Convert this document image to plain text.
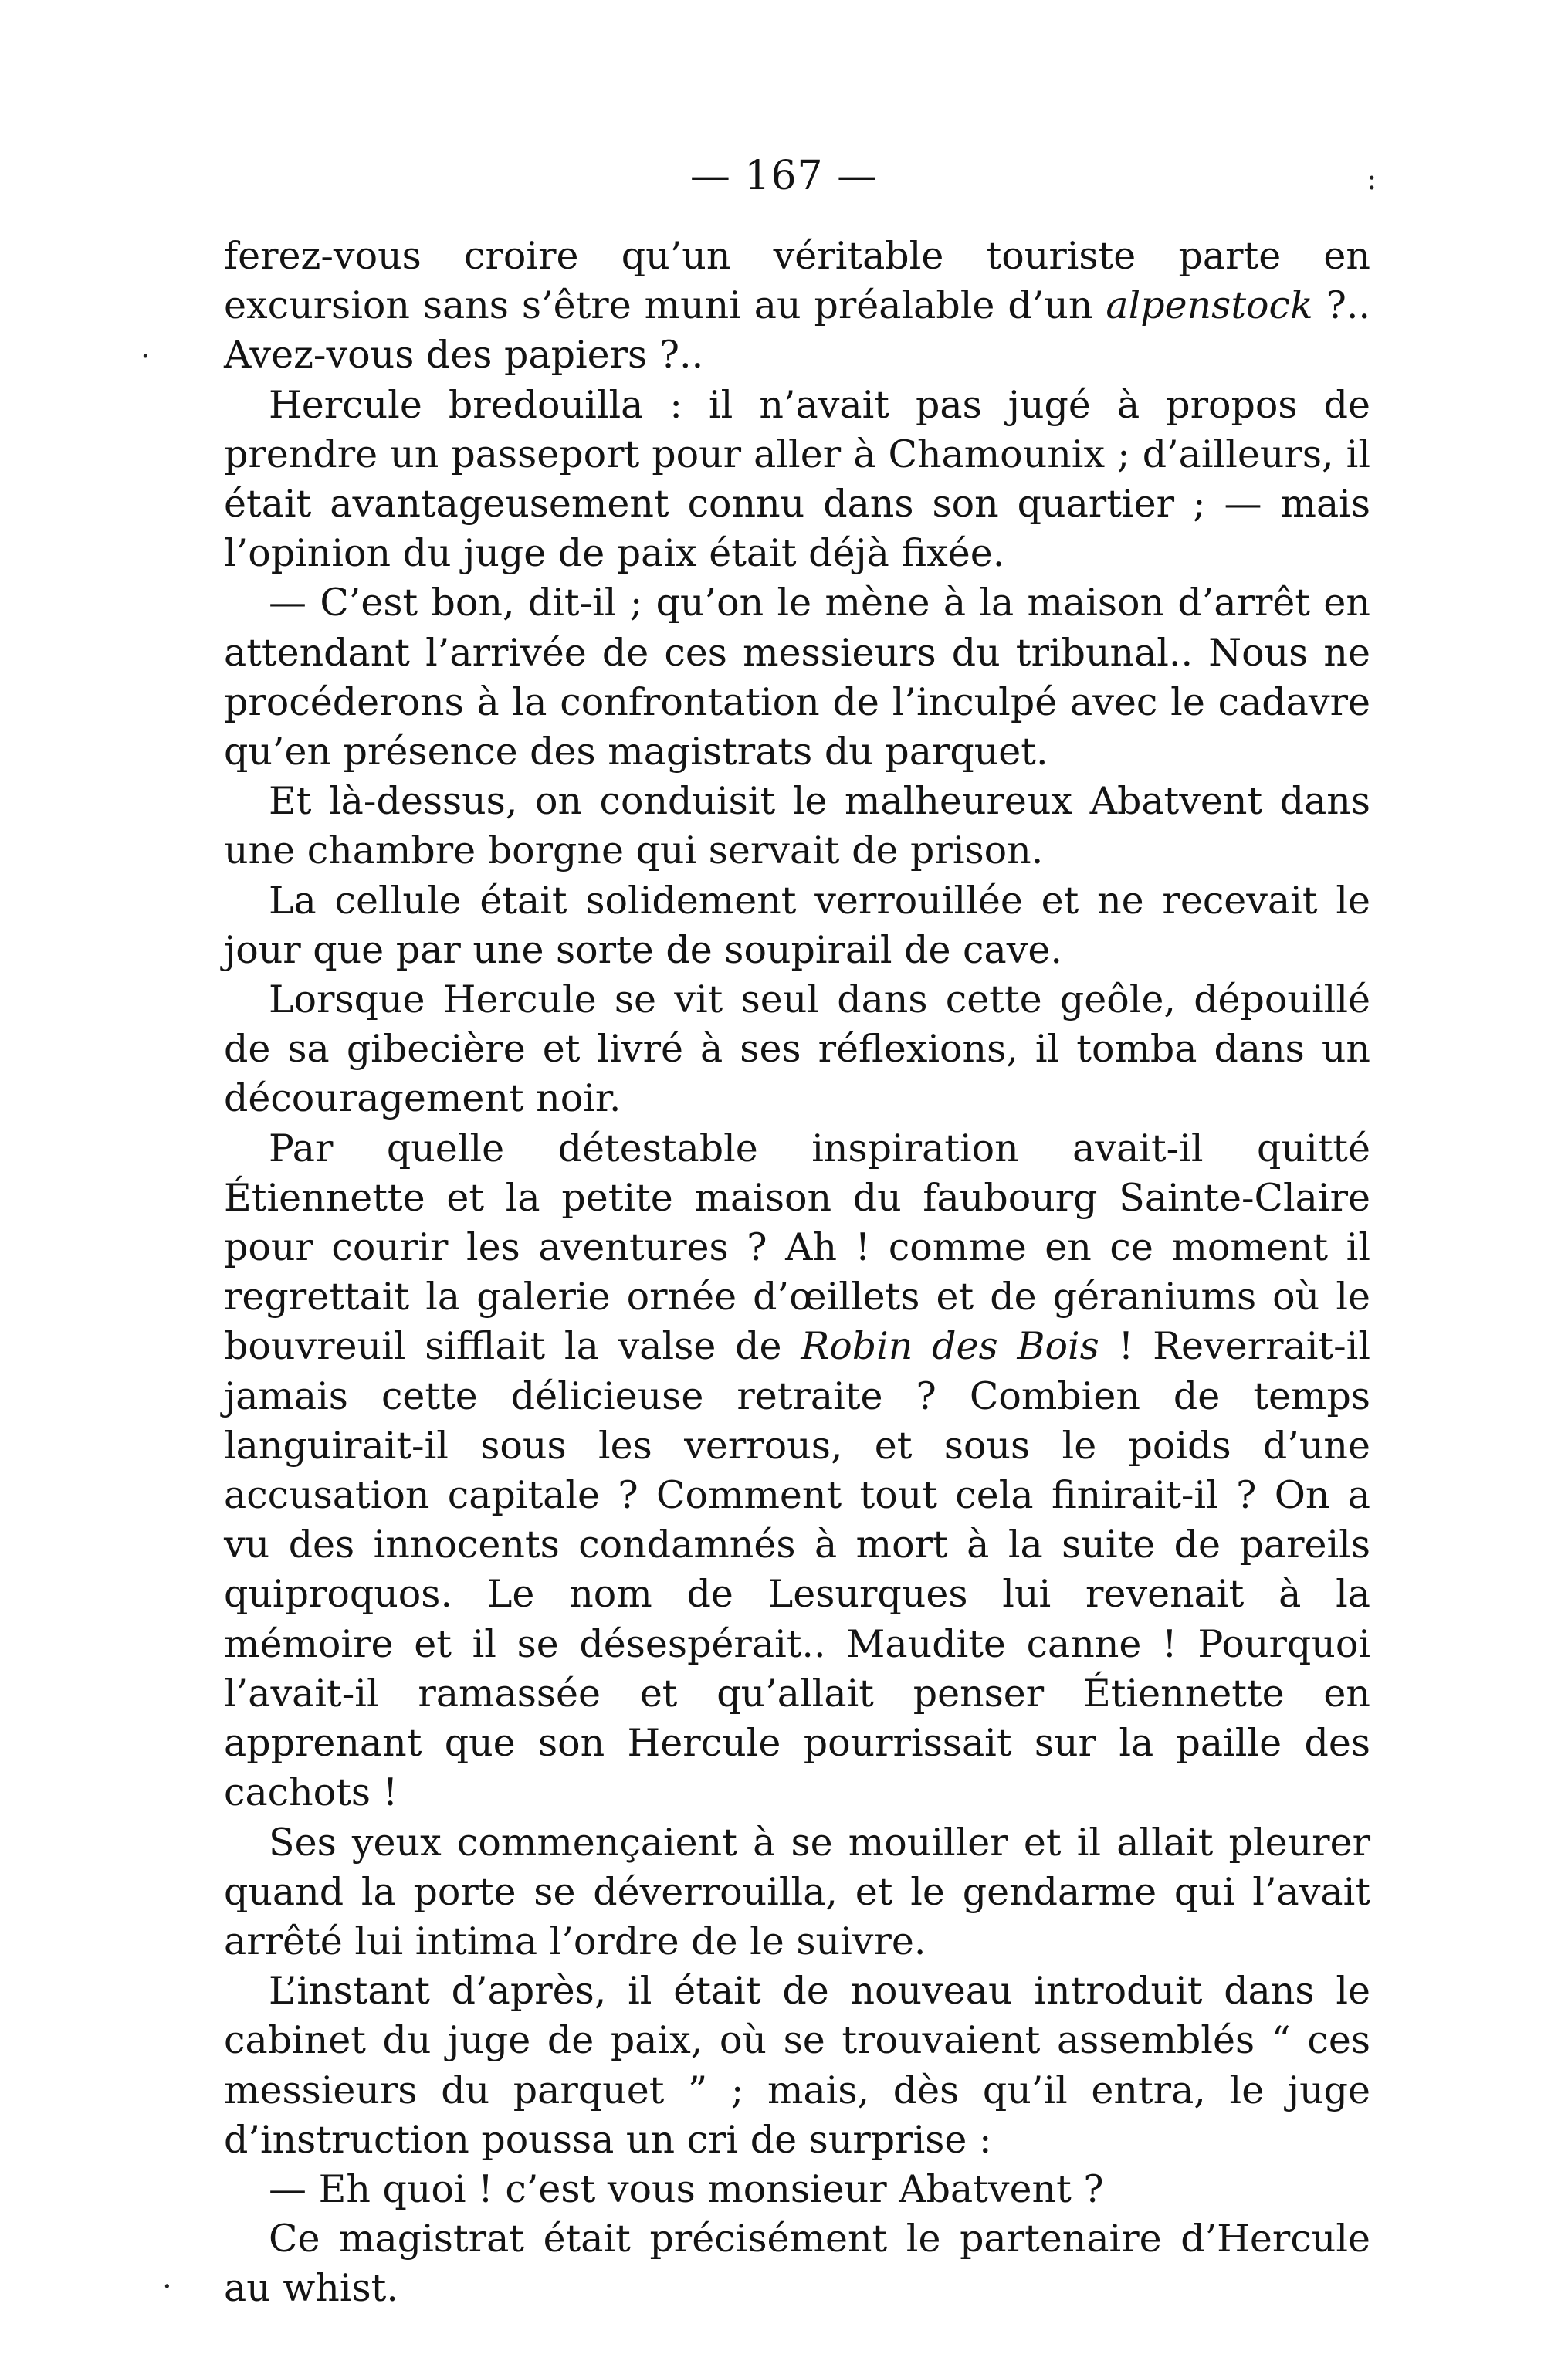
— 167 —	:
.
.

ferez-vous croire qu’un véritable touriste parte en excursion sans s’être muni au préalable d’un alpenstock ?.. Avez-vous des papiers ?..

Hercule bredouilla : il n’avait pas jugé à propos de prendre un passeport pour aller à Chamounix ; d’ailleurs, il était avantageusement connu dans son quartier ; — mais l’opinion du juge de paix était déjà fixée.

— C’est bon, dit-il ; qu’on le mène à la maison d’arrêt en attendant l’arrivée de ces messieurs du tribunal.. Nous ne procéderons à la confrontation de l’inculpé avec le cadavre qu’en présence des magistrats du parquet.

Et là-dessus, on conduisit le malheureux Abatvent dans une chambre borgne qui servait de prison.

La cellule était solidement verrouillée et ne recevait le jour que par une sorte de soupirail de cave.

Lorsque Hercule se vit seul dans cette geôle, dépouillé de sa gibecière et livré à ses réflexions, il tomba dans un découragement noir.

Par quelle détestable inspiration avait-il quitté Étiennette et la petite maison du faubourg Sainte-Claire pour courir les aventures ? Ah ! comme en ce moment il regrettait la galerie ornée d’œillets et de géraniums où le bouvreuil sifflait la valse de Robin des Bois ! Reverrait-il jamais cette délicieuse retraite ? Combien de temps languirait-il sous les verrous, et sous le poids d’une accusation capitale ? Comment tout cela finirait-il ? On a vu des innocents condamnés à mort à la suite de pareils quiproquos. Le nom de Lesurques lui revenait à la mémoire et il se désespérait.. Maudite canne ! Pourquoi l’avait-il ramassée et qu’allait penser Étiennette en apprenant que son Hercule pourrissait sur la paille des cachots !

Ses yeux commençaient à se mouiller et il allait pleurer quand la porte se déverrouilla, et le gendarme qui l’avait arrêté lui intima l’ordre de le suivre.

L’instant d’après, il était de nouveau introduit dans le cabinet du juge de paix, où se trouvaient assemblés “ ces messieurs du parquet ” ; mais, dès qu’il entra, le juge d’instruction poussa un cri de surprise :

— Eh quoi ! c’est vous monsieur Abatvent ?

Ce magistrat était précisément le partenaire d’Hercule au whist.
